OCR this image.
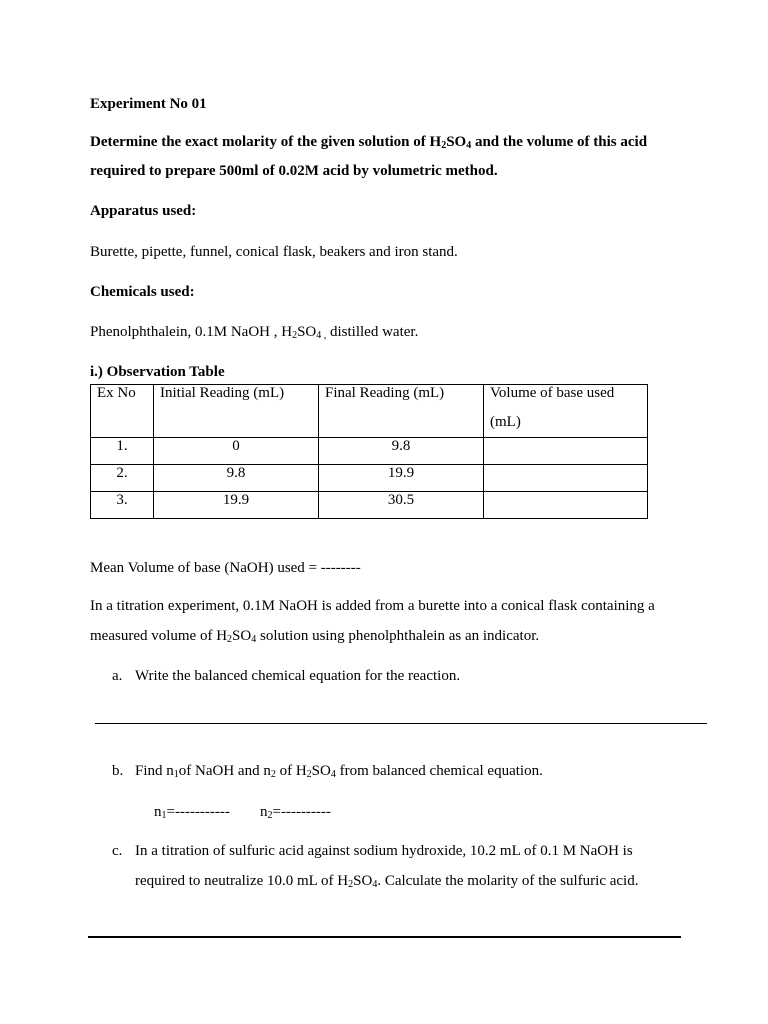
Experiment No 01
Determine the exact molarity of the given solution of $H_2SO_4$ and the volume of this acid
required to prepare 500ml of 0.02M acid by volumetric method.
Apparatus used:
Burette, pipette, funnel, conical flask, beakers and iron stand.
Chemicals used:
Phenolphthalein, 0.1M NaOH , $H_2SO_{4 ,}$ distilled water.
i.) Observation Table
Ex No	Initial Reading (mL)	Final Reading (mL)	Volume of base used
(mL)

1.	0	9.8	
2.	9.8	19.9	
3.	19.9	30.5	
Mean Volume of base (NaOH) used = --------
In a titration experiment, 0.1M NaOH is added from a burette into a conical flask containing a
measured volume of $H_2SO_4$ solution using phenolphthalein as an indicator.
a. Write the balanced chemical equation for the reaction.
b. Find $n_1of$ NaOH and $n_2$ of $H_2SO_4$ from balanced chemical equation.
$n_1=-----------$ $n_2=----------$
c. In a titration of sulfuric acid against sodium hydroxide, 10.2 mL of 0.1 M NaOH is
required to neutralize 10.0 mL of $H_2SO_4$. Calculate the molarity of the sulfuric acid.
